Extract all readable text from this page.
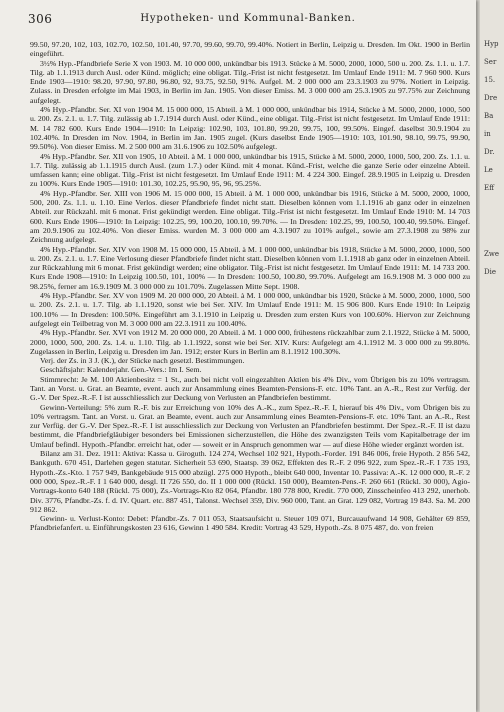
306	Hypotheken- und Kommunal-Banken.

99.50, 97.20, 102, 103, 102.70, 102.50, 101.40, 97.70, 99.60, 99.70, 99.40%. Notiert in Berlin, Leipzig u. Dresden. Im Okt. 1900 in Berlin eingeführt.

3½% Hyp.-Pfandbriefe Serie X von 1903. M. 10 000 000, unkündbar bis 1913. Stücke à M. 5000, 2000, 1000, 500 u. 200. Zs. 1.1. u. 1.7. Tilg. ab 1.1.1913 durch Ausl. oder Künd. möglich; eine obligat. Tilg.-Frist ist nicht festgesetzt. Im Umlauf Ende 1911: M. 7 960 900. Kurs Ende 1903—1910: 98.20, 97.90, 97.80, 96.80, 92, 93.75, 92.50, 91%. Aufgel. M. 2 000 000 am 23.3.1903 zu 97%. Notiert in Leipzig. Zulass. in Dresden erfolgte im Mai 1903, in Berlin im Jan. 1905. Von dieser Emiss. M. 3 000 000 am 25.3.1905 zu 97.75% zur Zeichnung aufgelegt.

4% Hyp.-Pfandbr. Ser. XI von 1904 M. 15 000 000, 15 Abteil. à M. 1 000 000, unkündbar bis 1914, Stücke à M. 5000, 2000, 1000, 500 u. 200. Zs. 2.1. u. 1.7. Tilg. zulässig ab 1.7.1914 durch Ausl. oder Künd., eine obligat. Tilg.-Frist ist nicht festgesetzt. Im Umlauf Ende 1911: M. 14 782 600. Kurs Ende 1904—1910: In Leipzig: 102.90, 103, 101.80, 99.20, 99.75, 100, 99.50%. Eingef. daselbst 30.9.1904 zu 102.40%. In Dresden im Nov. 1904, in Berlin im Jan. 1905 zugel. (Kurs daselbst Ende 1905—1910: 103, 101.90, 98.10, 99.75, 99.90, 99.50%). Von dieser Emiss. M. 2 500 000 am 31.6.1906 zu 102.50% aufgelegt.

4% Hyp.-Pfandbr. Ser. XII von 1905, 10 Abteil. à M. 1 000 000, unkündbar bis 1915, Stücke à M. 5000, 2000, 1000, 500, 200. Zs. 1.1. u. 1.7. Tilg. zulässig ab 1.1.1915 durch Ausl. (zum 1.7.) oder Künd. mit 4 monat. Künd.-Frist, welche die ganze Serie oder einzelne Abteil. umfassen kann; eine obligat. Tilg.-Frist ist nicht festgesetzt. Im Umlauf Ende 1911: M. 4 224 300. Eingef. 28.9.1905 in Leipzig u. Dresden zu 100%. Kurs Ende 1905—1910: 101.30, 102.25, 95.90, 95, 96, 95.25%.

4% Hyp.-Pfandbr. Ser. XIII von 1906 M. 15 000 000, 15 Abteil. à M. 1 000 000, unkündbar bis 1916, Stücke à M. 5000, 2000, 1000, 500, 200. Zs. 1.1. u. 1.10. Eine Verlos. dieser Pfandbriefe findet nicht statt. Dieselben können vom 1.1.1916 ab ganz oder in einzelnen Abteil. zur Rückzahl. mit 6 monat. Frist gekündigt werden. Eine obligat. Tilg.-Frist ist nicht festgesetzt. Im Umlauf Ende 1910: M. 14 703 600. Kurs Ende 1906—1910: In Leipzig: 102.25, 99, 100.20, 100.10, 99.70%. — In Dresden: 102.25, 99, 100.50, 100.40, 99.50%. Eingef. am 20.9.1906 zu 102.40%. Von dieser Emiss. wurden M. 3 000 000 am 4.3.1907 zu 101% aufgel., sowie am 27.3.1908 zu 98% zur Zeichnung aufgelegt.

4% Hyp.-Pfandbr. Ser. XIV von 1908 M. 15 000 000, 15 Abteil. à M. 1 000 000, unkündbar bis 1918, Stücke à M. 5000, 2000, 1000, 500 u. 200. Zs. 2.1. u. 1.7. Eine Verlosung dieser Pfandbriefe findet nicht statt. Dieselben können vom 1.1.1918 ab ganz oder in einzelnen Abteil. zur Rückzahlung mit 6 monat. Frist gekündigt werden; eine obligator. Tilg.-Frist ist nicht festgesetzt. Im Umlauf Ende 1911: M. 14 733 200. Kurs Ende 1908—1910: In Leipzig 100.50, 101, 100% — In Dresden: 100.50, 100.80, 99.70%. Aufgelegt am 16.9.1908 M. 3 000 000 zu 98.25%, ferner am 16.9.1909 M. 3 000 000 zu 101.70%. Zugelassen Mitte Sept. 1908.

4% Hyp.-Pfandbr. Ser. XV von 1909 M. 20 000 000, 20 Abteil. à M. 1 000 000, unkündbar bis 1920, Stücke à M. 5000, 2000, 1000, 500 u. 200. Zs. 2.1. u. 1.7. Tilg. ab 1.1.1920, sonst wie bei Ser. XIV. Im Umlauf Ende 1911: M. 15 906 800. Kurs Ende 1910: In Leipzig 100.10% — In Dresden: 100.50%. Eingeführt am 3.1.1910 in Leipzig u. Dresden zum ersten Kurs von 100.60%. Hiervon zur Zeichnung aufgelegt ein Teilbetrag von M. 3 000 000 am 22.3.1911 zu 100.40%.

4% Hyp.-Pfandbr. Ser. XVI von 1912 M. 20 000 000, 20 Abteil. à M. 1 000 000, frühestens rückzahlbar zum 2.1.1922, Stücke à M. 5000, 2000, 1000, 500, 200. Zs. 1.4. u. 1.10. Tilg. ab 1.1.1922, sonst wie bei Ser. XIV. Kurs: Aufgelegt am 4.1.1912 M. 3 000 000 zu 99.80%. Zugelassen in Berlin, Leipzig u. Dresden im Jan. 1912; erster Kurs in Berlin am 8.1.1912 100.30%.

Verj. der Zs. in 3 J. (K.), der Stücke nach gesetzl. Bestimmungen.

Geschäftsjahr: Kalenderjahr. Gen.-Vers.: Im I. Sem.

Stimmrecht: Je M. 100 Aktienbesitz = 1 St., auch bei nicht voll eingezahlten Aktien bis 4% Div., vom Übrigen bis zu 10% vertragsm. Tant. an Vorst. u. Grat. an Beamte, event. auch zur Ansammlung eines Beamten-Pensions-F. etc. 10% Tant. an A.-R., Rest zur Verfüg. der G.-V. Der Spez.-R.-F. I ist ausschliesslich zur Deckung von Verlusten an Pfandbriefen bestimmt.

Gewinn-Verteilung: 5% zum R.-F. bis zur Erreichung von 10% des A.-K., zum Spez.-R.-F. I, hierauf bis 4% Div., vom Übrigen bis zu 10% vertragsm. Tant. an Vorst. u. Grat. an Beamte, event. auch zur Ansammlung eines Beamten-Pensions-F. etc. 10% Tant. an A.-R., Rest zur Verfüg. der G.-V. Der Spez.-R.-F. I ist ausschliesslich zur Deckung von Verlusten an Pfandbriefen bestimmt. Der Spez.-R.-F. II ist dazu bestimmt, die Pfandbriefgläubiger besonders bei Emissionen sicherzustellen, die Höhe des zwanzigsten Teils vom Kapitalbetrage der im Umlauf befindl. Hypoth.-Pfandbr. erreicht hat, oder — soweit er in Anspruch genommen war — auf diese Höhe wieder ergänzt worden ist.

Bilanz am 31. Dez. 1911: Aktiva: Kassa u. Giroguth. 124 274, Wechsel 102 921, Hypoth.-Forder. 191 846 006, freie Hypoth. 2 856 542, Bankguth. 670 451, Darlehen gegen statutar. Sicherheit 53 690, Staatsp. 39 062, Effekten des R.-F. 2 096 922, zum Spez.-R.-F. I 735 193, Hypoth.-Zs.-Kto. 1 757 949, Bankgebäude 915 000 abzügl. 275 000 Hypoth., bleibt 640 000, Inventar 10. Passiva: A.-K. 12 000 000, R.-F. 2 000 000, Spez.-R.-F. I 1 640 000, desgl. II 726 550, do. II 1 000 000 (Rückl. 150 000), Beamten-Pens.-F. 260 661 (Rückl. 30 000), Agio-Vortrags-konto 640 188 (Rückl. 75 000), Zs.-Vortrags-Kto 82 064, Pfandbr. 180 778 800, Kredit. 770 000, Zinsscheinfeo 413 292, unerhob. Div. 3776, Pfandbr.-Zs. f. d. IV. Quart. etc. 887 451, Talonst. Wechsel 359, Div. 960 000, Tant. an Grat. 129 082, Vortrag 19 843. Sa. M. 200 912 862.

Gewinn- u. Verlust-Konto: Debet: Pfandbr.-Zs. 7 011 053, Staatsaufsicht u. Steuer 109 071, Burcauaufwand 14 908, Gehälter 69 859, Pfandbriefanfert. u. Einführungskosten 23 616, Gewinn 1 490 584. Kredit: Vortrag 43 529, Hypoth.-Zs. 8 075 487, do. von freien

Hyp
Ser
15.
Dre
Ba
in
Dr.
Le
Eff
Zwe
Die
